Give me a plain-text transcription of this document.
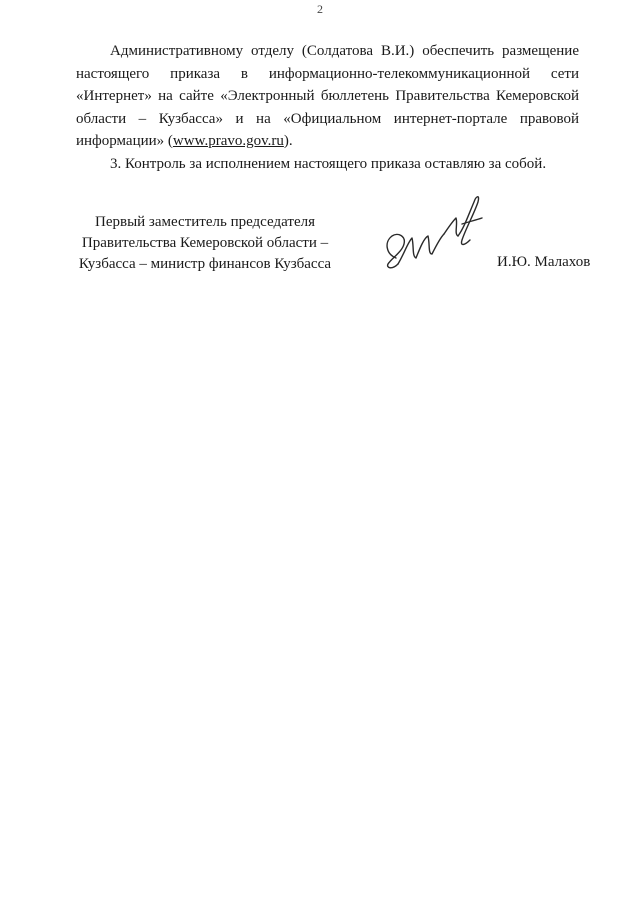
2

Административному отделу (Солдатова В.И.) обеспечить размещение настоящего приказа в информационно-телекоммуникационной сети «Интернет» на сайте «Электронный бюллетень Правительства Кемеровской области – Кузбасса» и на «Официальном интернет-портале правовой информации» (www.pravo.gov.ru).

3. Контроль за исполнением настоящего приказа оставляю за собой.

Первый заместитель председателя
Правительства Кемеровской области –
Кузбасса – министр финансов Кузбасса	И.Ю. Малахов
